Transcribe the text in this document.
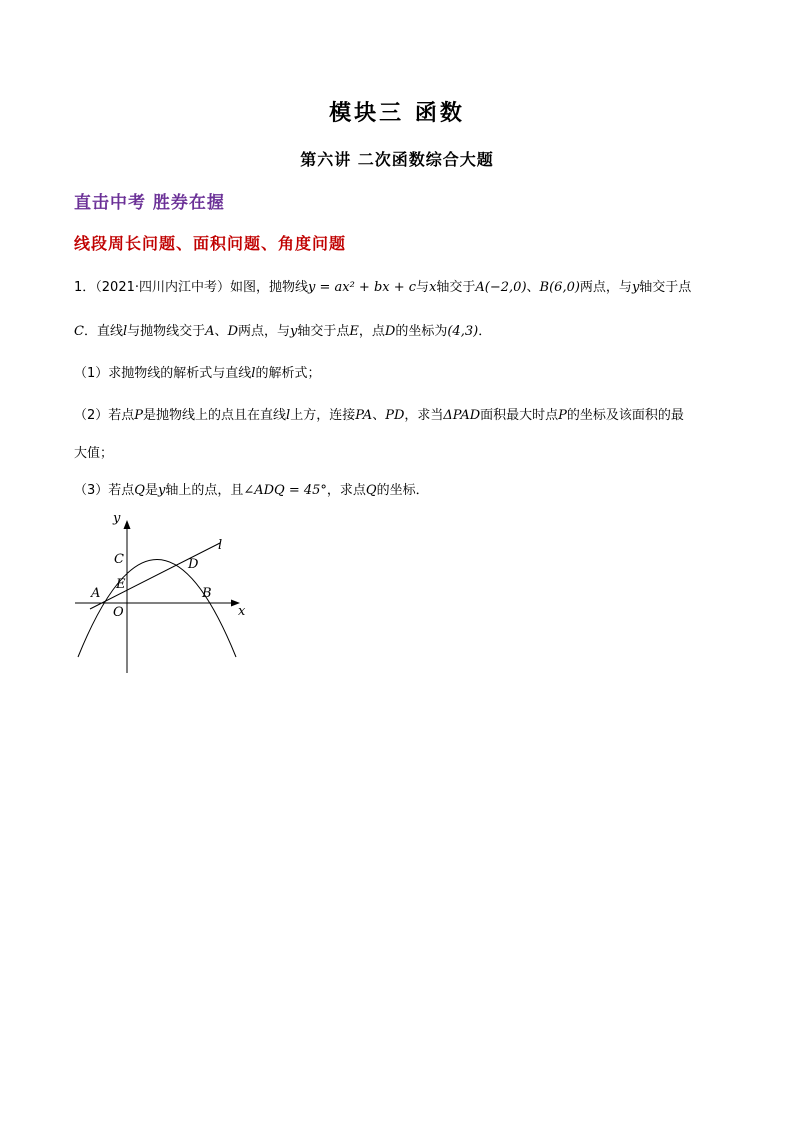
模块三 函数
第六讲 二次函数综合大题
直击中考 胜券在握
线段周长问题、面积问题、角度问题
1．（2021·四川内江中考）如图，抛物线y = ax² + bx + c与x轴交于A(−2,0)、B(6,0)两点，与y轴交于点
C．直线l与抛物线交于A、D两点，与y轴交于点E，点D的坐标为(4,3)．
（1）求抛物线的解析式与直线l的解析式；
（2）若点P是抛物线上的点且在直线l上方，连接PA、PD，求当ΔPAD面积最大时点P的坐标及该面积的最
大值；
（3）若点Q是y轴上的点，且∠ADQ = 45°，求点Q的坐标．
y
x
l
C	D
E
A	B
O
